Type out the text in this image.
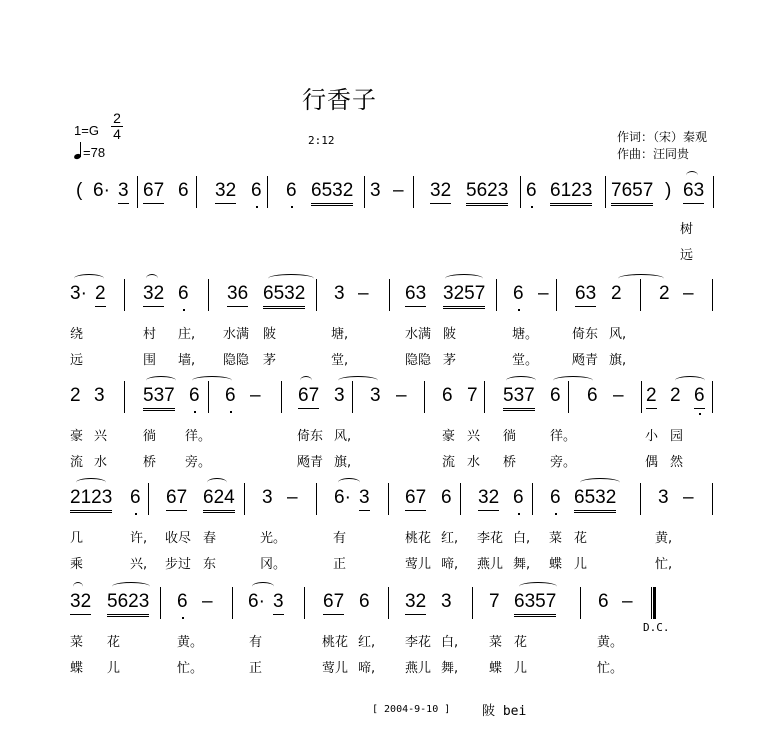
行香子
1=G
2
4
=78
2:12	作词：（宋）秦观
作曲：汪同贵
( 6· 3 67 6 32 6 6 6532 3 – 32 5623 6 6123 7657 ) 63
树
远
3· 2 32 6 36 6532 3 – 63 3257 6 – 63 2 2 –
绕	村 庄, 水满 陂	塘,	水满 陂	塘。	倚东 风,
远	围 墙, 隐隐 茅	堂,	隐隐 茅	堂。	飏青 旗,
2 3 537 6 6 – 67 3 3 – 6 7 537 6 6 – 2 2 6
豪 兴	徜 徉。	倚东 风,	豪 兴 徜	徉。	小 园
流 水	桥 旁。	飏青 旗,	流 水 桥	旁。	偶 然
2123 6 67 624 3 – 6· 3 67 6 32 6 6 6532 3 –
几	许, 收尽 春	光。	有	桃花 红, 李花 白, 菜 花	黄,
乘	兴, 步过 东	冈。	正	莺儿 啼, 燕儿 舞, 蝶 儿	忙,
32 5623 6 – 6· 3 67 6 32 3 7 6357 6 –
D.C.
菜 花	黄。	有	桃花 红, 李花 白, 菜 花	黄。
蝶 儿	忙。	正	莺儿 啼, 燕儿 舞, 蝶 儿	忙。
[ 2004-9-10 ] 陂 bei
